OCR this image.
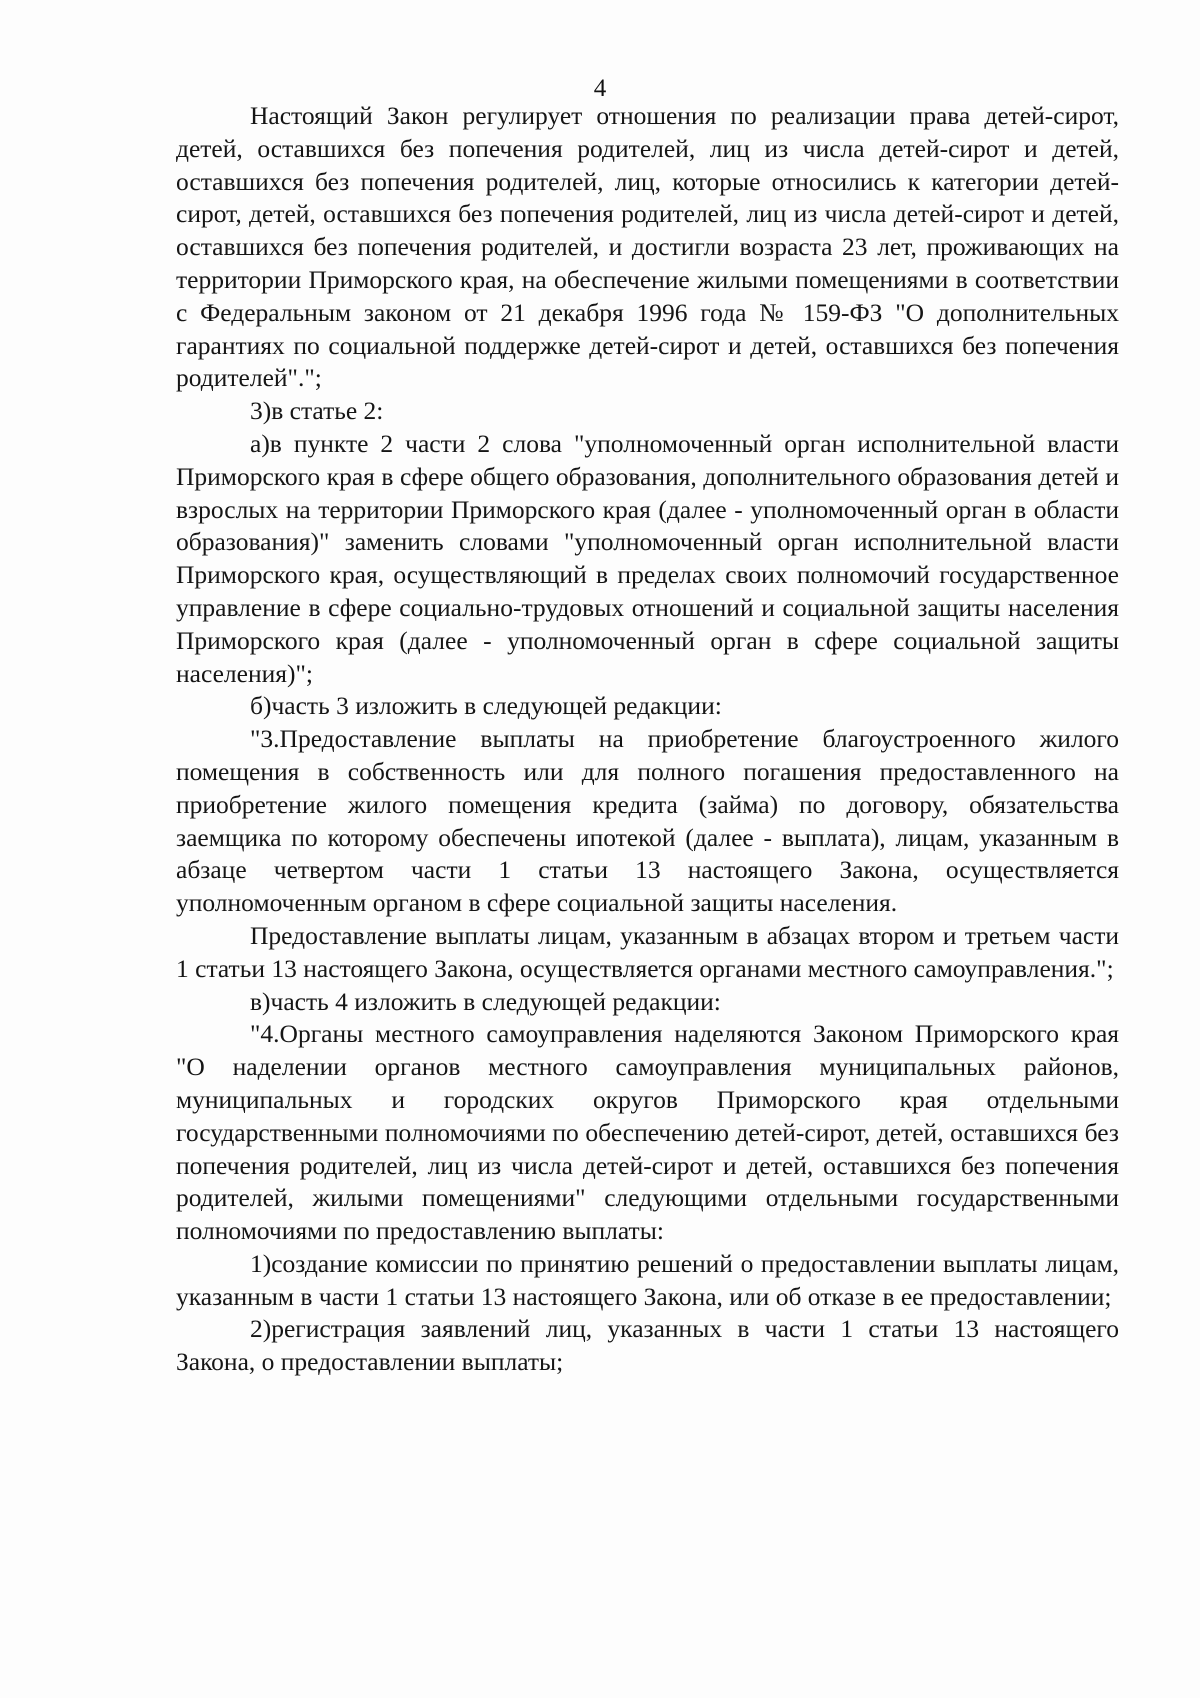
4

Настоящий Закон регулирует отношения по реализации права детей-сирот, детей, оставшихся без попечения родителей, лиц из числа детей-сирот и детей, оставшихся без попечения родителей, лиц, которые относились к категории детей-сирот, детей, оставшихся без попечения родителей, лиц из числа детей-сирот и детей, оставшихся без попечения родителей, и достигли возраста 23 лет, проживающих на территории Приморского края, на обеспечение жилыми помещениями в соответствии с Федеральным законом от 21 декабря 1996 года № 159-ФЗ "О дополнительных гарантиях по социальной поддержке детей-сирот и детей, оставшихся без попечения родителей".";

3)в статье 2:

а)в пункте 2 части 2 слова "уполномоченный орган исполнительной власти Приморского края в сфере общего образования, дополнительного образования детей и взрослых на территории Приморского края (далее - уполномоченный орган в области образования)" заменить словами "уполномоченный орган исполнительной власти Приморского края, осуществляющий в пределах своих полномочий государственное управление в сфере социально-трудовых отношений и социальной защиты населения Приморского края (далее - уполномоченный орган в сфере социальной защиты населения)";

б)часть 3 изложить в следующей редакции:

"3.Предоставление выплаты на приобретение благоустроенного жилого помещения в собственность или для полного погашения предоставленного на приобретение жилого помещения кредита (займа) по договору, обязательства заемщика по которому обеспечены ипотекой (далее - выплата), лицам, указанным в абзаце четвертом части 1 статьи 13 настоящего Закона, осуществляется уполномоченным органом в сфере социальной защиты населения.

Предоставление выплаты лицам, указанным в абзацах втором и третьем части 1 статьи 13 настоящего Закона, осуществляется органами местного самоуправления.";

в)часть 4 изложить в следующей редакции:

"4.Органы местного самоуправления наделяются Законом Приморского края "О наделении органов местного самоуправления муниципальных районов, муниципальных и городских округов Приморского края отдельными государственными полномочиями по обеспечению детей-сирот, детей, оставшихся без попечения родителей, лиц из числа детей-сирот и детей, оставшихся без попечения родителей, жилыми помещениями" следующими отдельными государственными полномочиями по предоставлению выплаты:

1)создание комиссии по принятию решений о предоставлении выплаты лицам, указанным в части 1 статьи 13 настоящего Закона, или об отказе в ее предоставлении;

2)регистрация заявлений лиц, указанных в части 1 статьи 13 настоящего Закона, о предоставлении выплаты;
